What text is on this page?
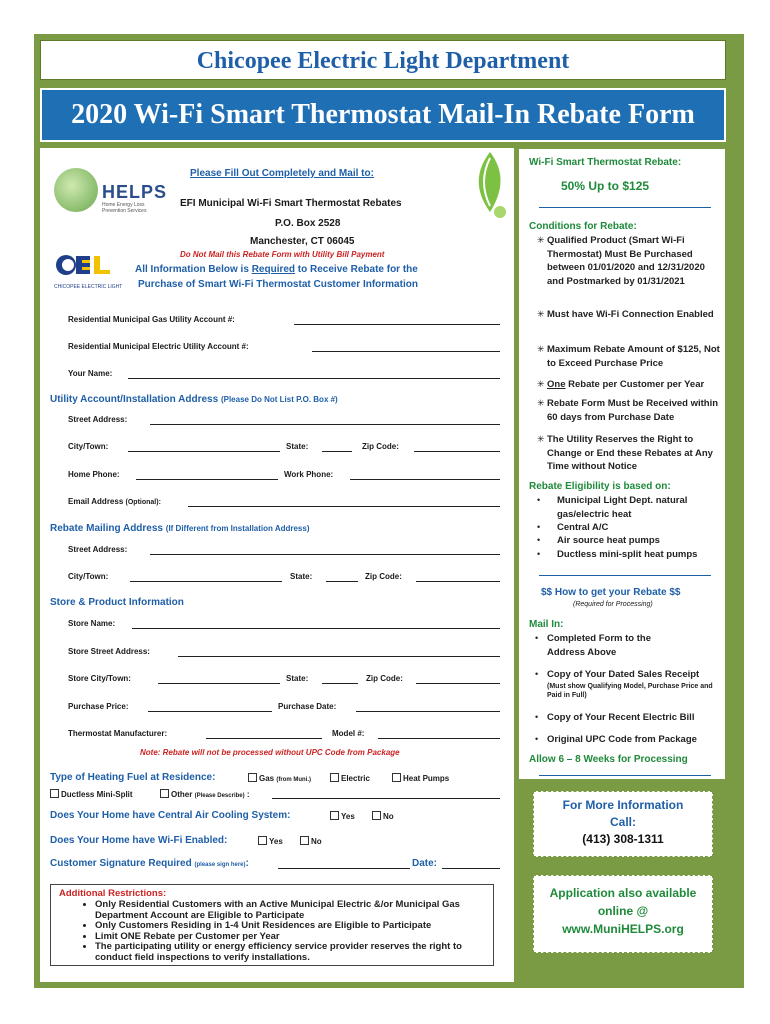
Chicopee Electric Light Department
2020 Wi-Fi Smart Thermostat Mail-In Rebate Form
HELPS
Home Energy Loss Prevention Services
CHICOPEE ELECTRIC LIGHT
Please Fill Out Completely and Mail to:
EFI Municipal Wi-Fi Smart Thermostat Rebates
P.O. Box 2528
Manchester, CT 06045
Do Not Mail this Rebate Form with Utility Bill Payment
All Information Below is Required to Receive Rebate for the
Purchase of Smart Wi-Fi Thermostat Customer Information
Residential Municipal Gas Utility Account #:
Residential Municipal Electric Utility Account #:
Your Name:
Utility Account/Installation Address (Please Do Not List P.O. Box #)
Street Address:
City/Town:	State:	Zip Code:
Home Phone:	Work Phone:
Email Address (Optional):
Rebate Mailing Address (If Different from Installation Address)
Street Address:
City/Town:	State:	Zip Code:
Store & Product Information
Store Name:
Store Street Address:
Store City/Town:	State:	Zip Code:
Purchase Price:	Purchase Date:
Thermostat Manufacturer:	Model #:
Note: Rebate will not be processed without UPC Code from Package
Type of Heating Fuel at Residence:	Gas (from Muni.)	Electric	Heat Pumps
Ductless Mini-Split	Other (Please Describe) :
Does Your Home have Central Air Cooling System:	Yes	No
Does Your Home have Wi-Fi Enabled:	Yes	No
Customer Signature Required (please sign here):	Date:
Additional Restrictions:
• Only Residential Customers with an Active Municipal Electric &/or Municipal Gas Department Account are Eligible to Participate
• Only Customers Residing in 1-4 Unit Residences are Eligible to Participate
• Limit ONE Rebate per Customer per Year
• The participating utility or energy efficiency service provider reserves the right to conduct field inspections to verify installations.
Wi-Fi Smart Thermostat Rebate:
50% Up to $125
Conditions for Rebate:
✳ Qualified Product (Smart Wi-Fi Thermostat) Must Be Purchased between 01/01/2020 and 12/31/2020 and Postmarked by 01/31/2021
✳ Must have Wi-Fi Connection Enabled
✳ Maximum Rebate Amount of $125, Not to Exceed Purchase Price
✳ One Rebate per Customer per Year
✳ Rebate Form Must be Received within 60 days from Purchase Date
✳ The Utility Reserves the Right to Change or End these Rebates at Any Time without Notice
Rebate Eligibility is based on:
• Municipal Light Dept. natural gas/electric heat
• Central A/C
• Air source heat pumps
• Ductless mini-split heat pumps
$$ How to get your Rebate $$
(Required for Processing)
Mail In:
• Completed Form to the Address Above
• Copy of Your Dated Sales Receipt
(Must show Qualifying Model, Purchase Price and Paid in Full)
• Copy of Your Recent Electric Bill
• Original UPC Code from Package
Allow 6 – 8 Weeks for Processing
For More Information
Call:
(413) 308-1311
Application also available
online @
www.MuniHELPS.org
